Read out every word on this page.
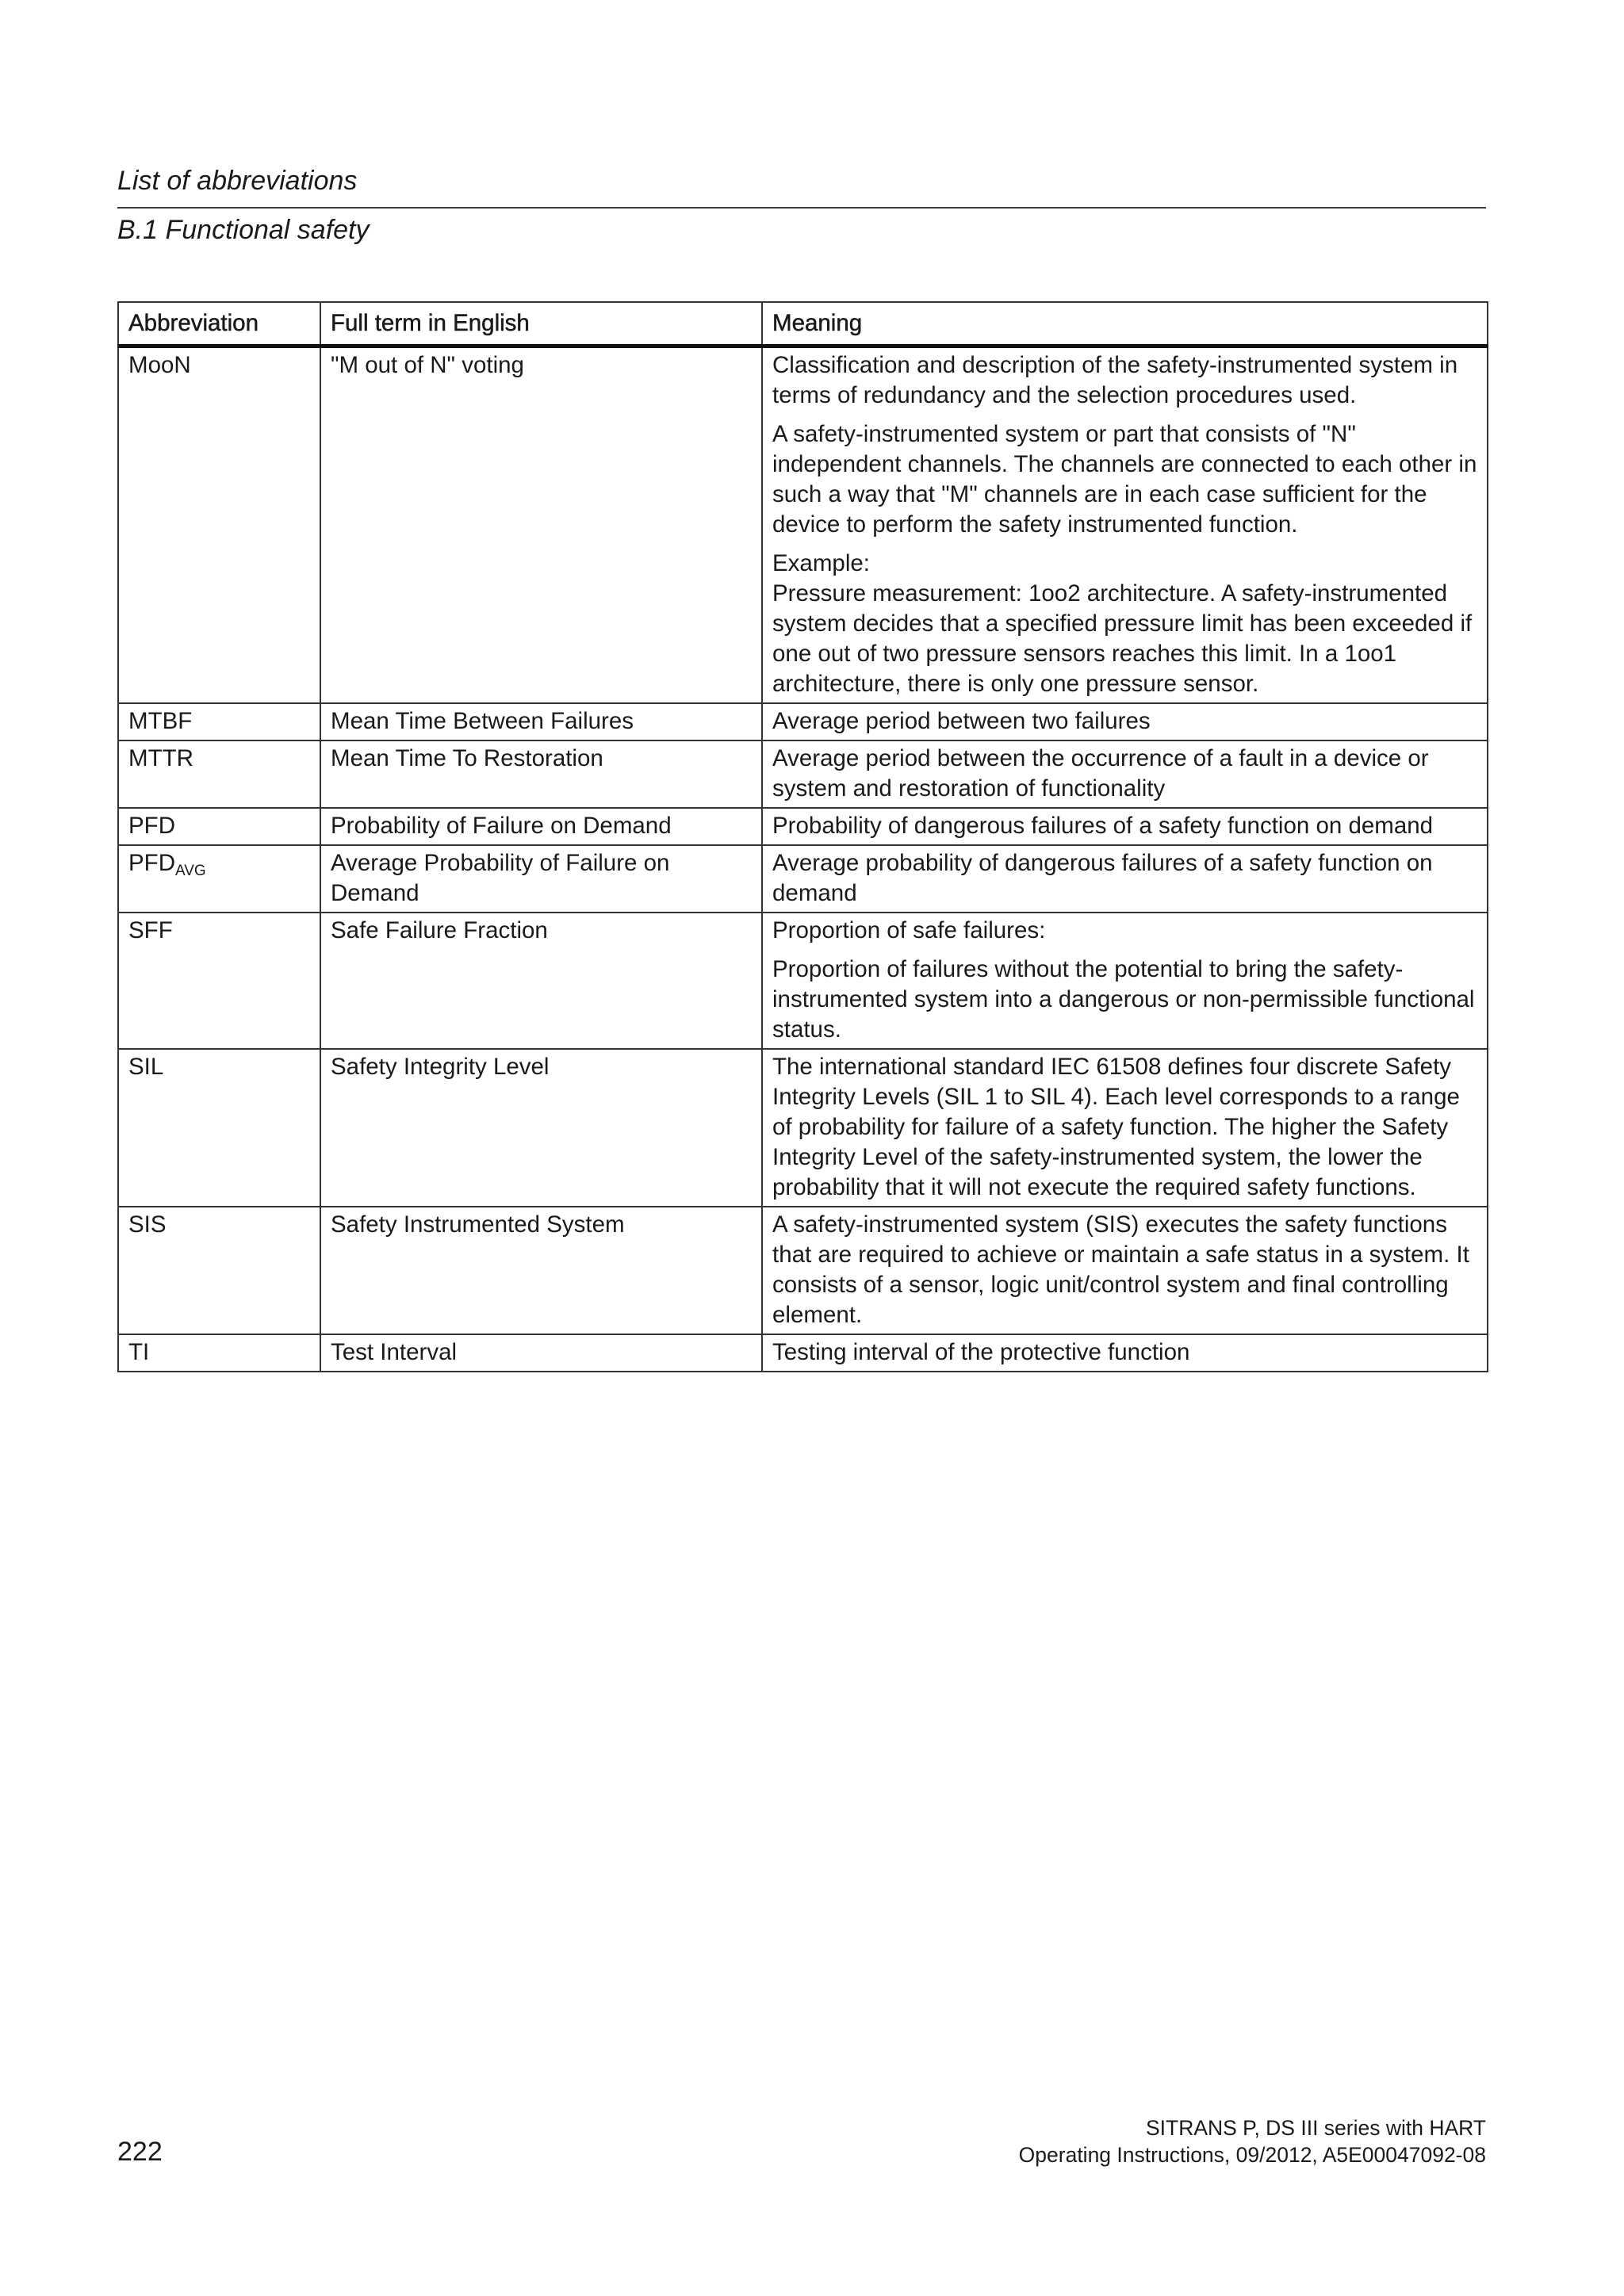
List of abbreviations
B.1 Functional safety
Abbreviation	Full term in English	Meaning
MooN	"M out of N" voting	Classification and description of the safety-instrumented system in terms of redundancy and the selection procedures used.

A safety-instrumented system or part that consists of "N" independent channels. The channels are connected to each other in such a way that "M" channels are in each case sufficient for the device to perform the safety instrumented function.

Example:
Pressure measurement: 1oo2 architecture. A safety-instrumented system decides that a specified pressure limit has been exceeded if one out of two pressure sensors reaches this limit. In a 1oo1 architecture, there is only one pressure sensor.

MTBF	Mean Time Between Failures	Average period between two failures

MTTR	Mean Time To Restoration	Average period between the occurrence of a fault in a device or system and restoration of functionality

PFD	Probability of Failure on Demand	Probability of dangerous failures of a safety function on demand

$PFD_{AVG}$	Average Probability of Failure on Demand	Average probability of dangerous failures of a safety function on demand

SFF	Safe Failure Fraction	Proportion of safe failures:

Proportion of failures without the potential to bring the safety-instrumented system into a dangerous or non-permissible functional status.

SIL	Safety Integrity Level	The international standard IEC 61508 defines four discrete Safety Integrity Levels (SIL 1 to SIL 4). Each level corresponds to a range of probability for failure of a safety function. The higher the Safety Integrity Level of the safety-instrumented system, the lower the probability that it will not execute the required safety functions.

SIS	Safety Instrumented System	A safety-instrumented system (SIS) executes the safety functions that are required to achieve or maintain a safe status in a system. It consists of a sensor, logic unit/control system and final controlling element.

TI	Test Interval	Testing interval of the protective function

222
SITRANS P, DS III series with HART
Operating Instructions, 09/2012, A5E00047092-08
